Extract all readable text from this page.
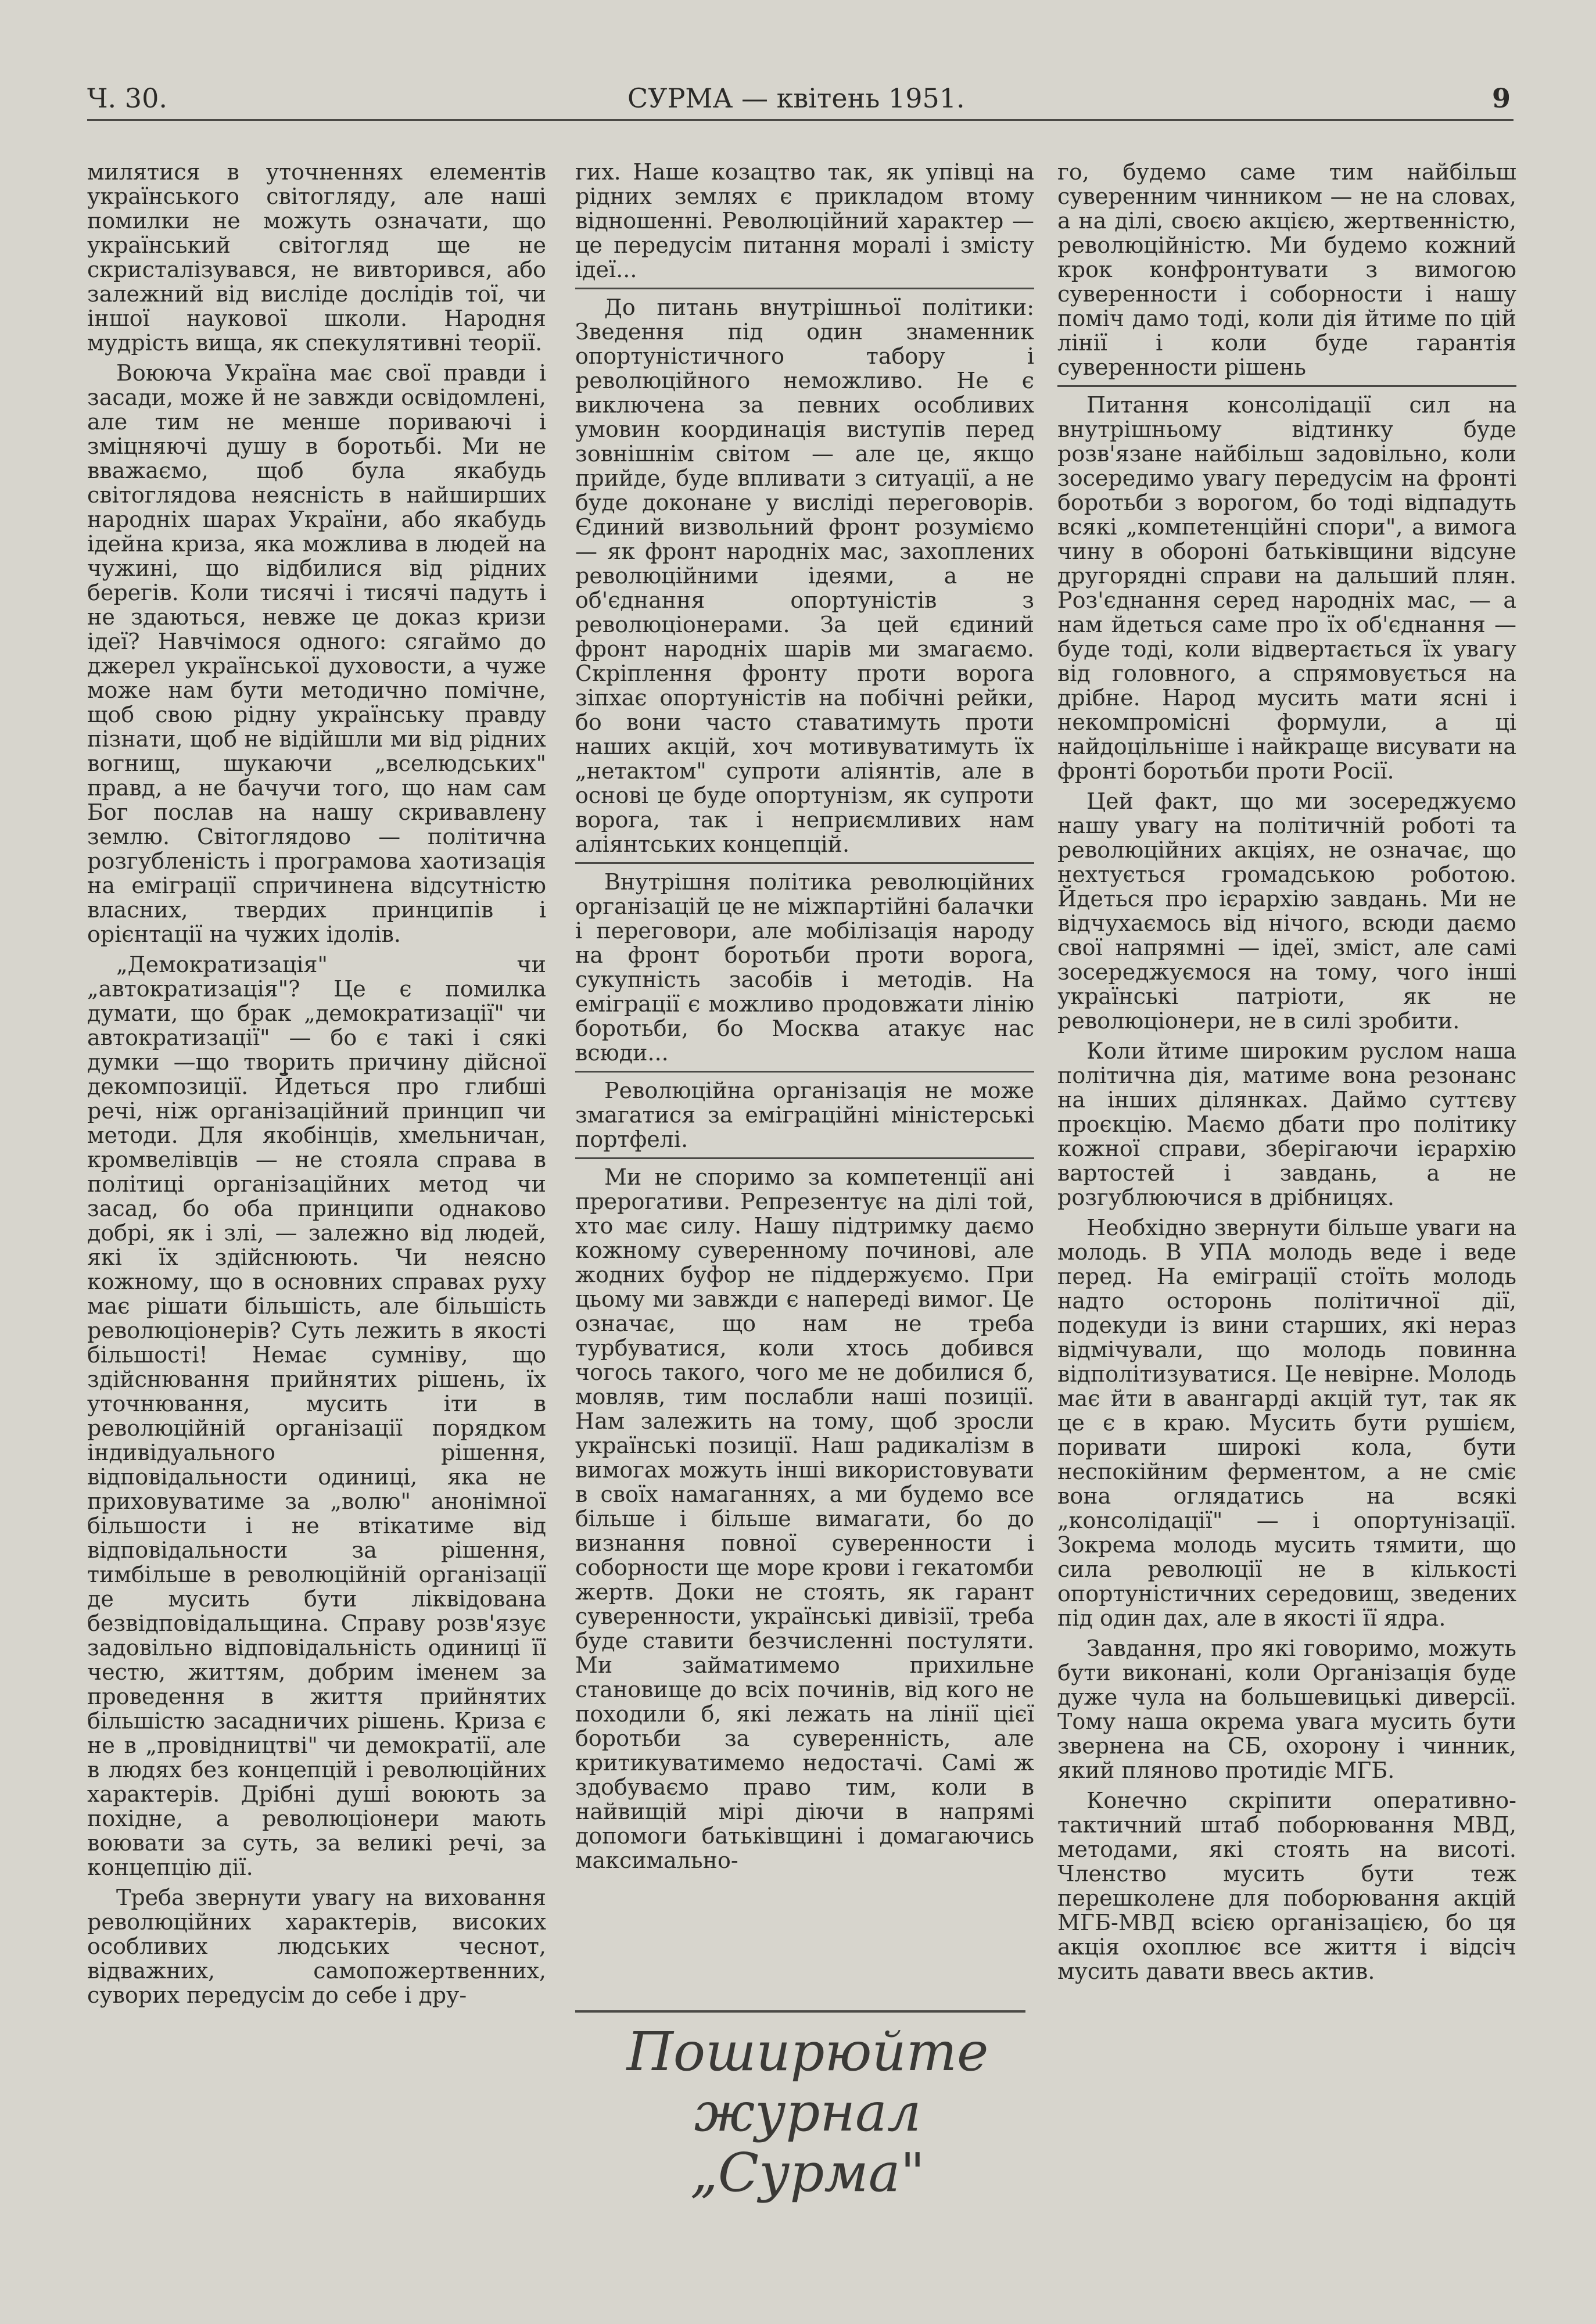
Ч. 30.	СУРМА — квітень 1951.	9

милятися в уточненнях елементів українського світогляду, але наші помилки не можуть означати, що український світогляд ще не скристалізувався, не вивторився, або залежний від висліде дослідів тої, чи іншої наукової школи. Народня мудрість вища, як спекулятивні теорії.

Воююча Україна має свої правди і засади, може й не завжди освідомлені, але тим не менше пориваючі і зміцняючі душу в боротьбі. Ми не вважаємо, щоб була якабудь світоглядова неясність в найширших народніх шарах України, або якабудь ідейна криза, яка можлива в людей на чужині, що відбилися від рідних берегів. Коли тисячі і тисячі падуть і не здаються, невже це доказ кризи ідеї? Навчімося одного: сягаймо до джерел української духовости, а чуже може нам бути методично помічне, щоб свою рідну українську правду пізнати, щоб не відійшли ми від рідних вогнищ, шукаючи „вселюдських" правд, а не бачучи того, що нам сам Бог послав на нашу скривавлену землю. Світоглядово — політична розгубленість і програмова хаотизація на еміграції спричинена відсутністю власних, твердих принципів і орієнтації на чужих ідолів.

„Демократизація" чи „автократизація"? Це є помилка думати, що брак „демократизації" чи автократизації" — бо є такі і сякі думки —що творить причину дійсної декомпозиції. Йдеться про глибші речі, ніж організаційний принцип чи методи. Для якобінців, хмельничан, кромвелівців — не стояла справа в політиці організаційних метод чи засад, бо оба принципи однаково добрі, як і злі, — залежно від людей, які їх здійснюють. Чи неясно кожному, що в основних справах руху має рішати більшість, але більшість революціонерів? Суть лежить в якості більшості! Немає сумніву, що здійснювання прийнятих рішень, їх уточнювання, мусить іти в революційній організації порядком індивідуального рішення, відповідальности одиниці, яка не приховуватиме за „волю" анонімної більшости і не втікатиме від відповідальности за рішення, тимбільше в революційній організації де мусить бути ліквідована безвідповідальщина. Справу розв'язує задовільно відповідальність одиниці її честю, життям, добрим іменем за проведення в життя прийнятих більшістю засадничих рішень. Криза є не в „провідництві" чи демократії, але в людях без концепцій і революційних характерів. Дрібні душі воюють за похідне, а революціонери мають воювати за суть, за великі речі, за концепцію дії.

Треба звернути увагу на виховання революційних характерів, високих особливих людських чеснот, відважних, самопожертвенних, суворих передусім до себе і дру-

гих. Наше козацтво так, як упівці на рідних землях є прикладом втому відношенні. Революційний характер — це передусім питання моралі і змісту ідеї...

До питань внутрішньої політики: Зведення під один знаменник опортуністичного табору і революційного неможливо. Не є виключена за певних особливих умовин координація виступів перед зовнішнім світом — але це, якщо прийде, буде впливати з ситуації, а не буде доконане у висліді переговорів. Єдиний визвольний фронт розуміємо — як фронт народніх мас, захоплених революційними ідеями, а не об'єднання опортуністів з революціонерами. За цей єдиний фронт народніх шарів ми змагаємо. Скріплення фронту проти ворога зіпхає опортуністів на побічні рейки, бо вони часто ставатимуть проти наших акцій, хоч мотивуватимуть їх „нетактом" супроти аліянтів, але в основі це буде опортунізм, як супроти ворога, так і неприємливих нам аліянтських концепцій.

Внутрішня політика революційних організацій це не міжпартійні балачки і переговори, але мобілізація народу на фронт боротьби проти ворога, сукупність засобів і методів. На еміграції є можливо продовжати лінію боротьби, бо Москва атакує нас всюди...

Революційна організація не може змагатися за еміграційні міністерські портфелі.

Ми не споримо за компетенції ані прерогативи. Репрезентує на ділі той, хто має силу. Нашу підтримку даємо кожному суверенному починові, але жодних буфор не піддержуємо. При цьому ми завжди є напереді вимог. Це означає, що нам не треба турбуватися, коли хтось добився чогось такого, чого ме не добилися б, мовляв, тим послабли наші позиції. Нам залежить на тому, щоб зросли українські позиції. Наш радикалізм в вимогах можуть інші використовувати в своїх намаганнях, а ми будемо все більше і більше вимагати, бо до визнання повної суверенности і соборности ще море крови і гекатомби жертв. Доки не стоять, як гарант суверенности, українські дивізії, треба буде ставити безчисленні постуляти. Ми займатимемо прихильне становище до всіх починів, від кого не походили б, які лежать на лінії цієї боротьби за суверенність, але критикуватимемо недостачі. Самі ж здобуваємо право тим, коли в найвищій мірі діючи в напрямі допомоги батьківщині і домагаючись максимально-

го, будемо саме тим найбільш суверенним чинником — не на словах, а на ділі, своєю акцією, жертвенністю, революційністю. Ми будемо кожний крок конфронтувати з вимогою суверенности і соборности і нашу поміч дамо тоді, коли дія йтиме по цій лінії і коли буде гарантія суверенности рішень

Питання консолідації сил на внутрішньому відтинку буде розв'язане найбільш задовільно, коли зосередимо увагу передусім на фронті боротьби з ворогом, бо тоді відпадуть всякі „компетенційні спори", а вимога чину в обороні батьківщини відсуне другорядні справи на дальший плян. Роз'єднання серед народніх мас, — а нам йдеться саме про їх об'єднання — буде тоді, коли відвертається їх увагу від головного, а спрямовується на дрібне. Народ мусить мати ясні і некомпромісні формули, а ці найдоцільніше і найкраще висувати на фронті боротьби проти Росії.

Цей факт, що ми зосереджуємо нашу увагу на політичній роботі та революційних акціях, не означає, що нехтується громадською роботою. Йдеться про ієрархію завдань. Ми не відчухаємось від нічого, всюди даємо свої напрямні — ідеї, зміст, але самі зосереджуємося на тому, чого інші українські патріоти, як не революціонери, не в силі зробити.

Коли йтиме широким руслом наша політична дія, матиме вона резонанс на інших ділянках. Даймо суттєву проєкцію. Маємо дбати про політику кожної справи, зберігаючи ієрархію вартостей і завдань, а не розгублюючися в дрібницях.

Необхідно звернути більше уваги на молодь. В УПА молодь веде і веде перед. На еміграції стоїть молодь надто осторонь політичної дії, подекуди із вини старших, які нераз відмічували, що молодь повинна відполітизуватися. Це невірне. Молодь має йти в авангарді акцій тут, так як це є в краю. Мусить бути рушієм, поривати широкі кола, бути неспокійним ферментом, а не сміє вона оглядатись на всякі „консолідації" — і опортунізації. Зокрема молодь мусить тямити, що сила революції не в кількості опортуністичних середовищ, зведених під один дах, але в якості її ядра.

Завдання, про які говоримо, можуть бути виконані, коли Організація буде дуже чула на большевицькі диверсії. Тому наша окрема увага мусить бути звернена на СБ, охорону і чинник, який пляново протидіє МГБ.

Конечно скріпити оперативно-тактичний штаб поборювання МВД, методами, які стоять на висоті. Членство мусить бути теж перешколене для поборювання акцій МГБ-МВД всією організацією, бо ця акція охоплює все життя і відсіч мусить давати ввесь актив.

Поширюйте
журнал
„Сурма"
